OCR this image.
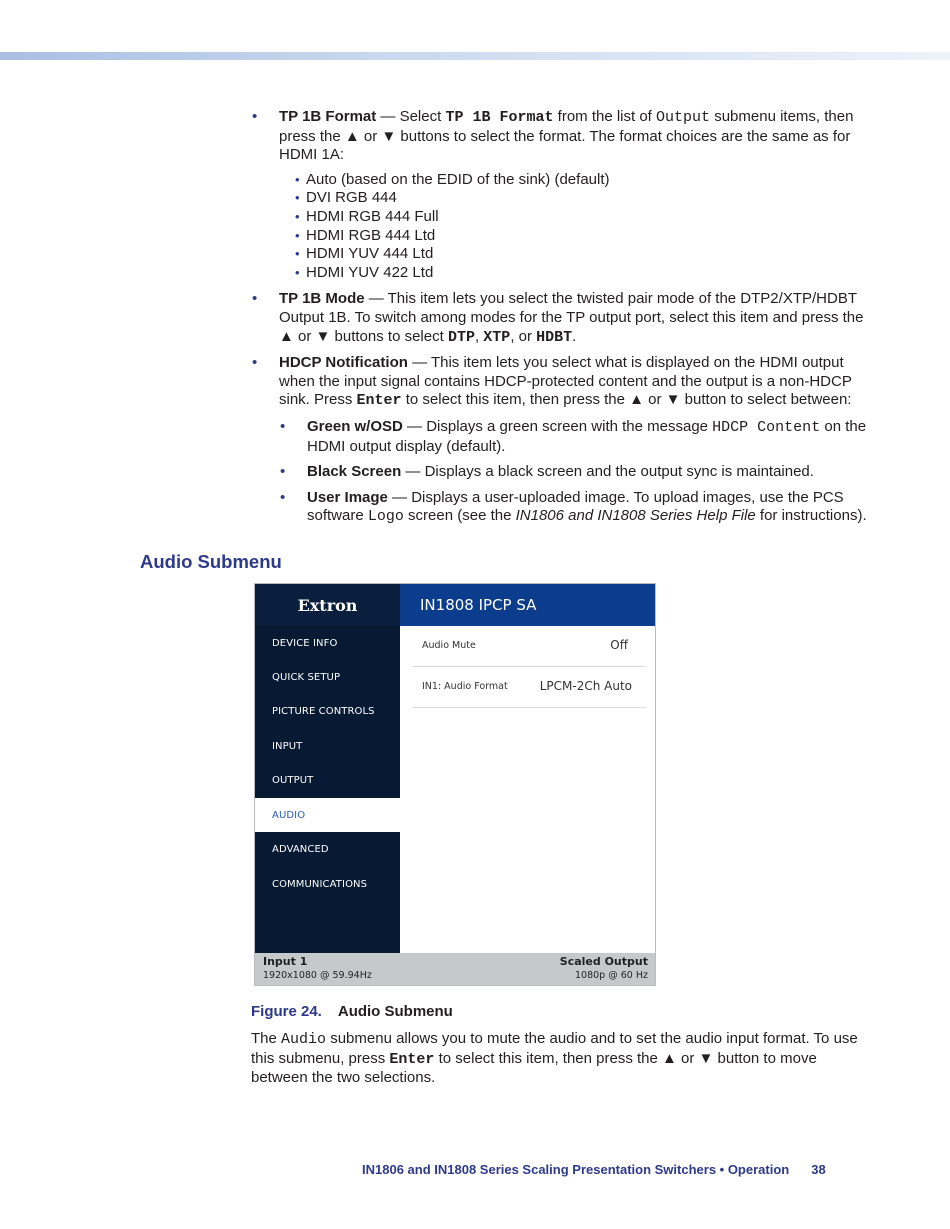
• TP 1B Format — Select TP 1B Format from the list of Output submenu items, then press the ▲ or ▼ buttons to select the format. The format choices are the same as for HDMI 1A:
• Auto (based on the EDID of the sink) (default)
• DVI RGB 444
• HDMI RGB 444 Full
• HDMI RGB 444 Ltd
• HDMI YUV 444 Ltd
• HDMI YUV 422 Ltd
• TP 1B Mode — This item lets you select the twisted pair mode of the DTP2/XTP/HDBT Output 1B. To switch among modes for the TP output port, select this item and press the ▲ or ▼ buttons to select DTP, XTP, or HDBT.
• HDCP Notification — This item lets you select what is displayed on the HDMI output when the input signal contains HDCP-protected content and the output is a non-HDCP sink. Press Enter to select this item, then press the ▲ or ▼ button to select between:
• Green w/OSD — Displays a green screen with the message HDCP Content on the HDMI output display (default).
• Black Screen — Displays a black screen and the output sync is maintained.
• User Image — Displays a user-uploaded image. To upload images, use the PCS software Logo screen (see the IN1806 and IN1808 Series Help File for instructions).
Audio Submenu
Extron
DEVICE INFO
QUICK SETUP
PICTURE CONTROLS
INPUT
OUTPUT
AUDIO
ADVANCED
COMMUNICATIONS
IN1808 IPCP SA
Audio Mute	Off
IN1: Audio Format	LPCM-2Ch Auto
Input 1
1920x1080 @ 59.94Hz
Scaled Output
1080p @ 60 Hz
Figure 24. Audio Submenu
The Audio submenu allows you to mute the audio and to set the audio input format. To use this submenu, press Enter to select this item, then press the ▲ or ▼ button to move between the two selections.
IN1806 and IN1808 Series Scaling Presentation Switchers • Operation 38
